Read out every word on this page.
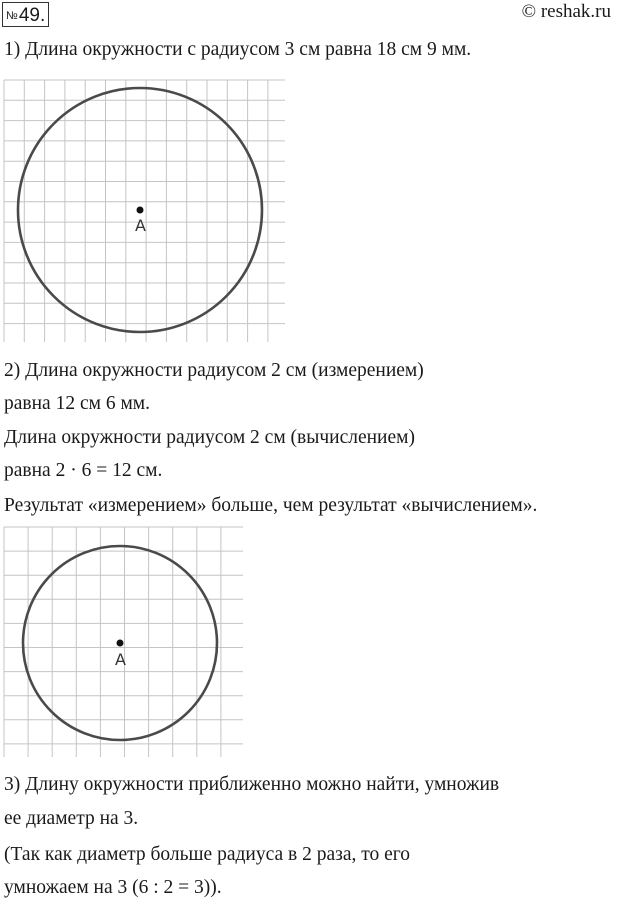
№49.	© reshak.ru
1) Длина окружности с радиусом 3 см равна 18 см 9 мм.
A
2) Длина окружности радиусом 2 см (измерением)
равна 12 см 6 мм.
Длина окружности радиусом 2 см (вычислением)
равна 2 · 6 = 12 см.
Результат «измерением» больше, чем результат «вычислением».
A
3) Длину окружности приближенно можно найти, умножив
ее диаметр на 3.
(Так как диаметр больше радиуса в 2 раза, то его
умножаем на 3 (6 : 2 = 3)).
